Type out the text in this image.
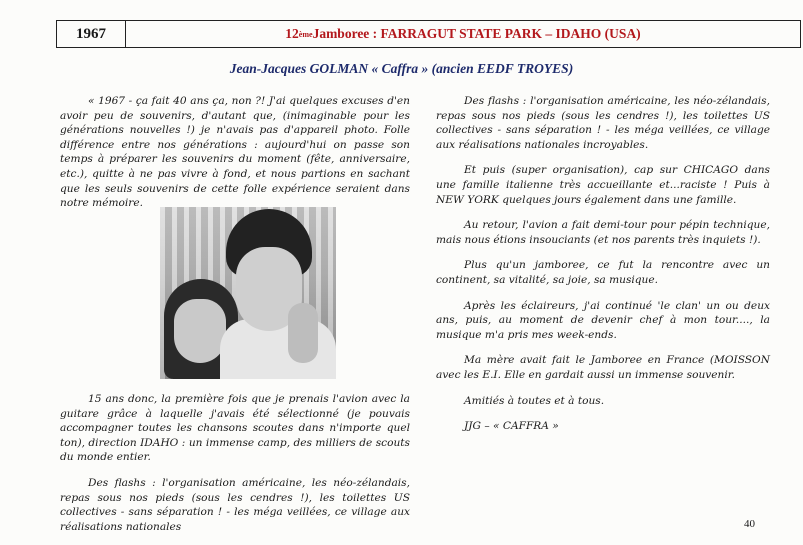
1967	12 ème Jamboree : FARRAGUT STATE PARK – IDAHO (USA)
Jean-Jacques GOLMAN « Caffra » (ancien EEDF TROYES)

« 1967 - ça fait 40 ans ça, non ?! J'ai quelques excuses d'en avoir peu de souvenirs, d'autant que, (inimaginable pour les générations nouvelles !) je n'avais pas d'appareil photo. Folle différence entre nos générations : aujourd'hui on passe son temps à préparer les souvenirs du moment (fête, anniversaire, etc.), quitte à ne pas vivre à fond, et nous partions en sachant que les seuls souvenirs de cette folle expérience seraient dans notre mémoire.

15 ans donc, la première fois que je prenais l'avion avec la guitare grâce à laquelle j'avais été sélectionné (je pouvais accompagner toutes les chansons scoutes dans n'importe quel ton), direction IDAHO : un immense camp, des milliers de scouts du monde entier.

Des flashs : l'organisation américaine, les néo-zélandais, repas sous nos pieds (sous les cendres !), les toilettes US collectives - sans séparation ! - les méga veillées, ce village aux réalisations nationales

Des flashs : l'organisation américaine, les néo-zélandais, repas sous nos pieds (sous les cendres !), les toilettes US collectives - sans séparation ! - les méga veillées, ce village aux réalisations nationales incroyables.

Et puis (super organisation), cap sur CHICAGO dans une famille italienne très accueillante et...raciste ! Puis à NEW YORK quelques jours également dans une famille.

Au retour, l'avion a fait demi-tour pour pépin technique, mais nous étions insouciants (et nos parents très inquiets !).

Plus qu'un jamboree, ce fut la rencontre avec un continent, sa vitalité, sa joie, sa musique.

Après les éclaireurs, j'ai continué 'le clan' un ou deux ans, puis, au moment de devenir chef à mon tour...., la musique m'a pris mes week-ends.

Ma mère avait fait le Jamboree en France (MOISSON avec les E.I. Elle en gardait aussi un immense souvenir.

Amitiés à toutes et à tous.

JJG – « CAFFRA »

40
